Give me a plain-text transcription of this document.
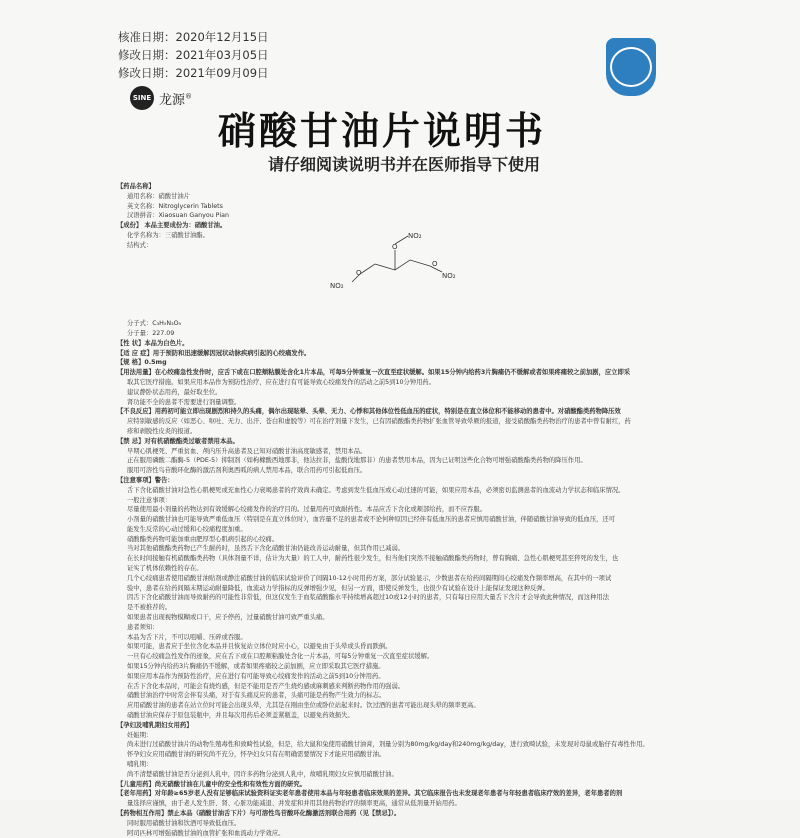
核准日期：2020年12月15日
修改日期：2021年03月05日
修改日期：2021年09月09日
SINE 龙源®
硝酸甘油片说明书
请仔细阅读说明书并在医师指导下使用
O
NO₂
O
NO₂
O
NO₂
【药品名称】
通用名称：硝酸甘油片
英文名称：Nitroglycerin Tablets
汉语拼音：Xiaosuan Ganyou Pian
【成份】 本品主要成份为：硝酸甘油。
化学名称为：三硝酸甘油酯。
结构式：

分子式：C₃H₅N₃O₉
分子量：227.09
【性 状】本品为白色片。
【适 应 症】用于预防和迅速缓解因冠状动脉疾病引起的心绞痛发作。
【规 格】0.5mg
【用法用量】在心绞痛急性发作时，应舌下或在口腔颊粘膜处含化1片本品，可每5分钟重复一次直至症状缓解。如果15分钟内给药3片胸痛仍不缓解或者如果疼痛较之前加剧，应立即采
取其它医疗措施。如果应用本品作为预防性治疗，应在进行有可能导致心绞痛发作的活动之前5到10分钟用药。
建议静卧状态用药，最好取坐位。
肾功能不全的患者不需要进行剂量调整。
【不良反应】用药初可能立即出现剧烈和持久的头痛，偶尔出现眩晕、头晕、无力、心悸和其他体位性低血压的症状，特别是在直立体位和不能移动的患者中。对硝酸酯类药物降压效
应特别敏感的反应（如恶心、呕吐、无力、出汗、苍白和虚脱等）可在治疗剂量下发生，已有因硝酸酯类药物扩张血管导致晕厥的报道，接受硝酸酯类药物治疗的患者中曾有耐红，药
疹和剥脱性皮炎的报道。
【禁 忌】对有机硝酸酯类过敏者禁用本品。
早期心肌梗死、严重贫血、颅内压升高患者及已知对硝酸甘油高度敏感者，禁用本品。
正在服用磷酸二酯酶-5（PDE-5）抑制剂（如枸橼酸西地那非，他达拉非，盐酸伐地那非）的患者禁用本品，因为已证明这些化合物可增强硝酸酯类药物的降压作用。
服用可溶性鸟苷酸环化酶的激活剂利奥西呱的病人禁用本品，联合用药可引起低血压。
【注意事项】警告：
舌下含化硝酸甘油对急性心肌梗死或充血性心力衰竭患者的疗效尚未确定。考虑到发生低血压或心动过速的可能，如果应用本品，必须密切监测患者的血流动力学状态和临床情况。
一般注意事项：
尽量使用最小剂量的药物达到有效缓解心绞痛发作的治疗目的。过量用药可致耐药性。本品应舌下含化或颊部给药，而不应吞服。
小剂量的硝酸甘油也可能导致严重低血压（特别是在直立体位时），血容量不足的患者或不论何种原因已经伴有低血压的患者应慎用硝酸甘油，伴随硝酸甘油导致的低血压，还可
能发生反常的心动过缓和心绞痛程度加重。
硝酸酯类药物可能加重由肥厚型心肌病引起的心绞痛。
当对其他硝酸酯类药物已产生耐药时，虽然舌下含化硝酸甘油仍能改善运动耐量，但其作用已减弱。
在长时间接触有机硝酸酯类药物（具体剂量不详，估计为大量）的工人中，耐药性很少发生，但当他们突然不接触硝酸酯类药物时，曾有胸痛、急性心肌梗死甚至猝死的发生，也
证实了机体依赖性的存在。
几个心绞痛患者使用硝酸甘油贴剂或静注硝酸甘油的临床试验评价了间隔10-12小时用药方案，部分试验显示，少数患者在给药间隔期间心绞痛发作频率增高，在其中的一项试
验中，患者在给药间隔末期运动耐量降低，血流动力学指标的反弹增强少见，但另一方面，即使反弹发生，也很少有试验在设计上能保证发现这种反弹。
因舌下含化硝酸甘油而导致耐药的可能性非常低，但这仅发生于血浆硝酸酯水平持续增高超过10或12小时的患者，只有每日应用大量舌下含片才会导致此种情况，而这种用法
是不被推荐的。
如果患者出现视物模糊或口干，应予停药，过量硝酸甘油可致严重头痛。
患者须知：
本品为舌下片，不可以咀嚼、压碎或吞服。
如果可能，患者应于坐位含化本品并且恢复站立体位时应小心，以避免由于头晕或头昏而跌倒。
一旦有心绞痛急性发作的迹象，应在舌下或在口腔颊粘膜处含化一片本品，可每5分钟重复一次直至症状缓解。
如果15分钟内给药3片胸痛仍不缓解，或者如果疼痛较之前加剧，应立即采取其它医疗措施。
如果应用本品作为预防性治疗，应在进行有可能导致心绞痛发作的活动之前5到10分钟用药。
在舌下含化本品时，可能会有烧灼感，但是不能用是否产生烧灼感或麻刺感来判断药物作用的强弱。
硝酸甘油治疗中时常会伴有头痛，对于有头痛反应的患者，头痛可能是药物产生效力的标志。
应用硝酸甘油的患者在站立位时可能会出现头晕，尤其是在刚由坐位或卧位站起来时。饮过酒的患者可能出现头晕的频率更高。
硝酸甘油应保存于原包装瓶中，并且每次用药后必须盖紧瓶盖，以避免药效损失。
【孕妇及哺乳期妇女用药】
妊娠期：
尚未进行过硝酸甘油片的动物生殖毒性和致畸性试验，但是，给大鼠和兔使用硝酸甘油膏，剂量分别为80mg/kg/day和240mg/kg/day，进行致畸试验，未发现对母鼠或胎仔有毒性作用。
怀孕妇女应用硝酸甘油的研究尚不充分，怀孕妇女只有在明确需要情况下才能应用硝酸甘油。
哺乳期：
尚不清楚硝酸甘油是否分泌到人乳中，因许多药物分泌到人乳中，故哺乳期妇女应慎用硝酸甘油。
【儿童用药】尚无硝酸甘油在儿童中的安全性和有效性方面的研究。
【老年用药】对年龄≥65岁老人没有足够临床试验资料证实老年患者使用本品与年轻患者临床效果的差异。其它临床报告也未发现老年患者与年轻患者临床疗效的差异，老年患者的剂
量选择应谨慎，由于老人发生肝、肾、心脏功能减退、并发症和并用其他药物治疗的频率更高，通常从低剂量开始用药。
【药物相互作用】禁止本品（硝酸甘油舌下片）与可溶性鸟苷酸环化酶激活剂联合用药（见【禁忌】）。
同时服用硝酸甘油和饮酒可导致低血压。
阿司匹林可增强硝酸甘油的血管扩张和血流动力学效应。
